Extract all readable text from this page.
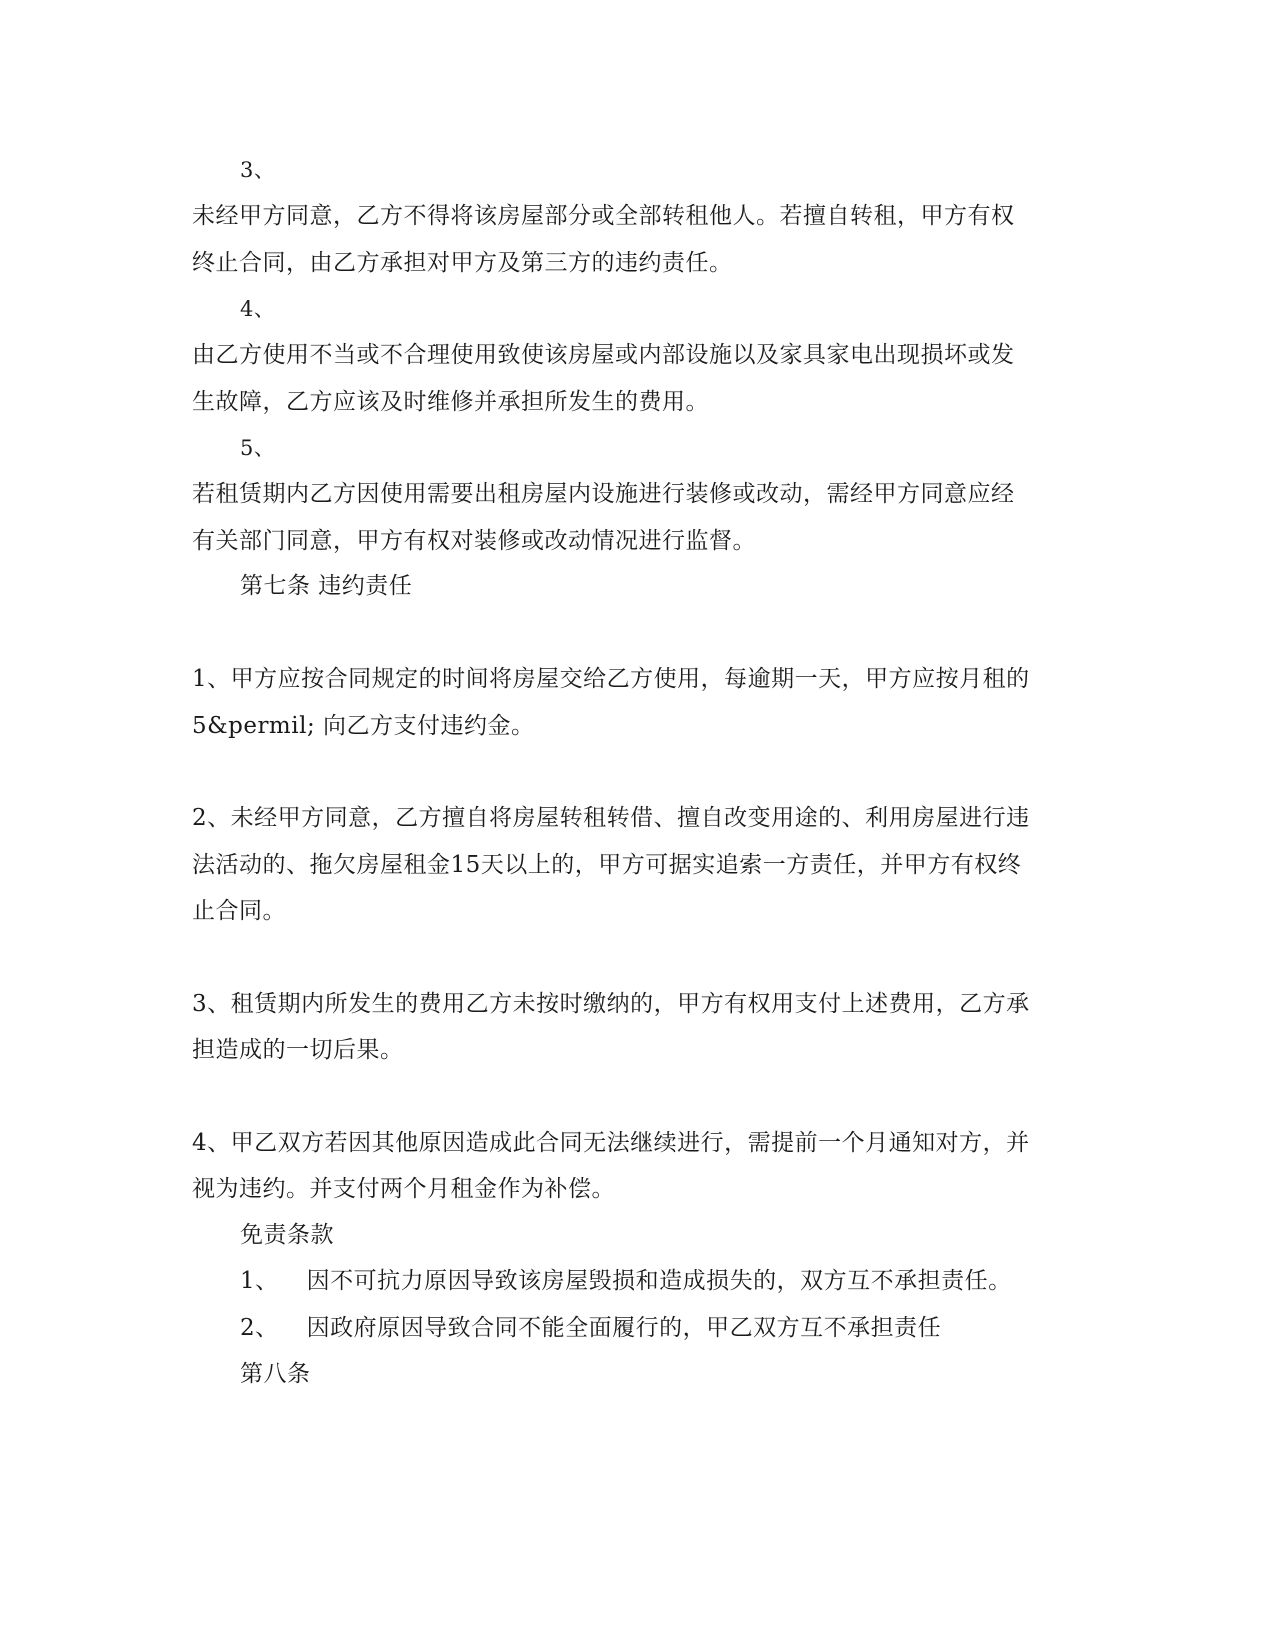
3、
未经甲方同意，乙方不得将该房屋部分或全部转租他人。若擅自转租，甲方有权
终止合同，由乙方承担对甲方及第三方的违约责任。
4、
由乙方使用不当或不合理使用致使该房屋或内部设施以及家具家电出现损坏或发
生故障，乙方应该及时维修并承担所发生的费用。
5、
若租赁期内乙方因使用需要出租房屋内设施进行装修或改动，需经甲方同意应经
有关部门同意，甲方有权对装修或改动情况进行监督。
第七条 违约责任
1、甲方应按合同规定的时间将房屋交给乙方使用，每逾期一天，甲方应按月租的
5&permil; 向乙方支付违约金。
2、未经甲方同意，乙方擅自将房屋转租转借、擅自改变用途的、利用房屋进行违
法活动的、拖欠房屋租金15天以上的，甲方可据实追索一方责任，并甲方有权终
止合同。
3、租赁期内所发生的费用乙方未按时缴纳的，甲方有权用支付上述费用，乙方承
担造成的一切后果。
4、甲乙双方若因其他原因造成此合同无法继续进行，需提前一个月通知对方，并
视为违约。并支付两个月租金作为补偿。
免责条款
1、 因不可抗力原因导致该房屋毁损和造成损失的，双方互不承担责任。
2、 因政府原因导致合同不能全面履行的，甲乙双方互不承担责任
第八条
